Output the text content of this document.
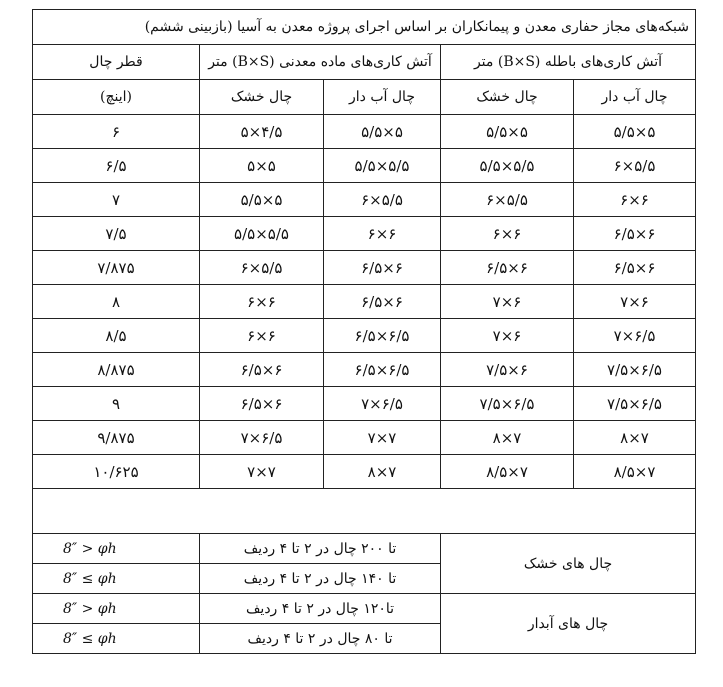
شبکه‌های مجاز حفاری معدن و پیمانکاران بر اساس اجرای پروژه معدن به آسیا (بازبینی ششم)				
آتش کاری‌های باطله (B×S) متر		آتش کاری‌های ماده معدنی (B×S) متر		قطر چال
چال آب دار	چال خشک	چال آب دار	چال خشک	(اینچ)
۵×۵/۵	۵×۵/۵	۵×۵/۵	۴/۵×۵	۶
۵/۵×۶	۵/۵×۵/۵	۵/۵×۵/۵	۵×۵	۶/۵
۶×۶	۵/۵×۶	۵/۵×۶	۵×۵/۵	۷
۶×۶/۵	۶×۶	۶×۶	۵/۵×۵/۵	۷/۵
۶×۶/۵	۶×۶/۵	۶×۶/۵	۵/۵×۶	۷/۸۷۵
۶×۷	۶×۷	۶×۶/۵	۶×۶	۸
۶/۵×۷	۶×۷	۶/۵×۶/۵	۶×۶	۸/۵
۶/۵×۷/۵	۶×۷/۵	۶/۵×۶/۵	۶×۶/۵	۸/۸۷۵
۶/۵×۷/۵	۶/۵×۷/۵	۶/۵×۷	۶×۶/۵	۹
۷×۸	۷×۸	۷×۷	۶/۵×۷	۹/۸۷۵
۷×۸/۵	۷×۸/۵	۷×۸	۷×۷	۱۰/۶۲۵

چال های خشک		تا ۲۰۰ چال در ۲ تا ۴ ردیف		8″ > φh
		تا ۱۴۰ چال در ۲ تا ۴ ردیف		8″ ≤ φh
چال های آبدار		تا۱۲۰ چال در ۲ تا ۴ ردیف		8″ > φh
		تا ۸۰ چال در ۲ تا ۴ ردیف		8″ ≤ φh
